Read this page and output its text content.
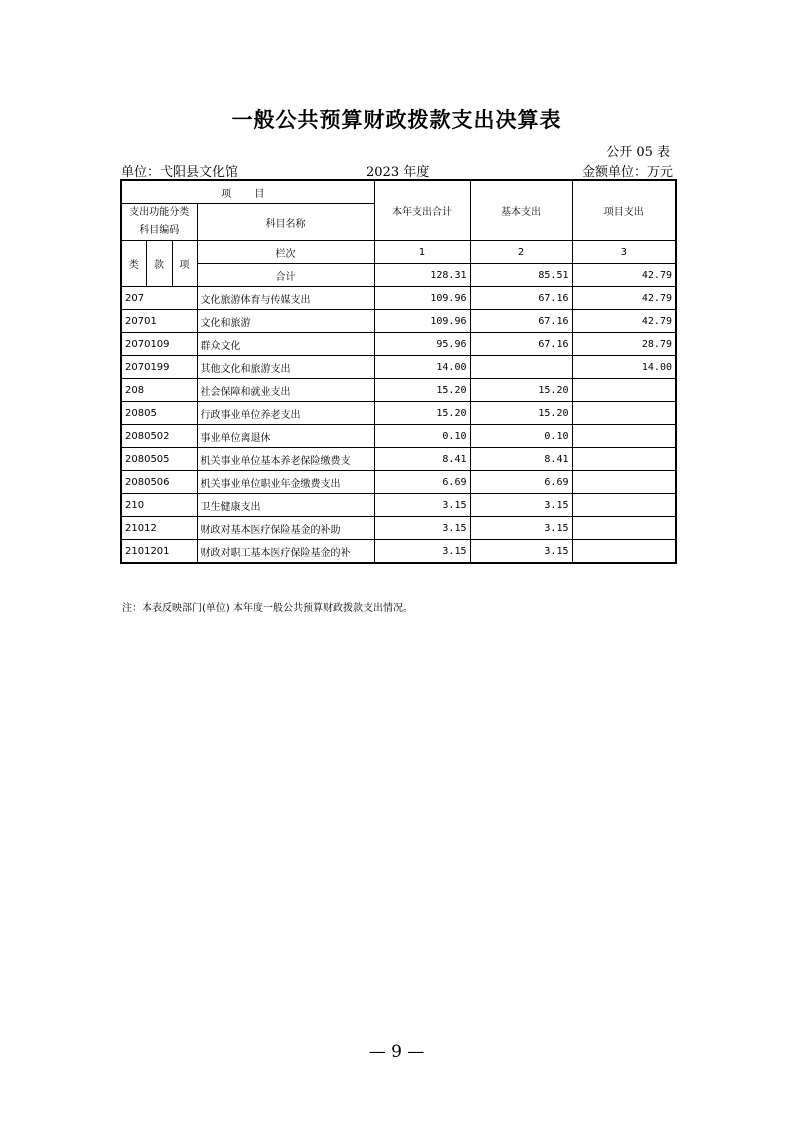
一般公共预算财政拨款支出决算表
公开 05 表
单位：弋阳县文化馆	2023 年度	金额单位：万元
项 目				本年支出合计	基本支出	项目支出
支出功能分类科目编码			科目名称			
类	款	项	栏次	1	2	3
			合计	128.31	85.51	42.79
207			文化旅游体育与传媒支出	109.96	67.16	42.79
20701			文化和旅游	109.96	67.16	42.79
2070109			群众文化	95.96	67.16	28.79
2070199			其他文化和旅游支出	14.00		14.00
208			社会保障和就业支出	15.20	15.20	
20805			行政事业单位养老支出	15.20	15.20	
2080502			事业单位离退休	0.10	0.10	
2080505			机关事业单位基本养老保险缴费支	8.41	8.41	
2080506			机关事业单位职业年金缴费支出	6.69	6.69	
210			卫生健康支出	3.15	3.15	
21012			财政对基本医疗保险基金的补助	3.15	3.15	
2101201			财政对职工基本医疗保险基金的补	3.15	3.15	
注：本表反映部门(单位) 本年度一般公共预算财政拨款支出情况。
— 9 —
